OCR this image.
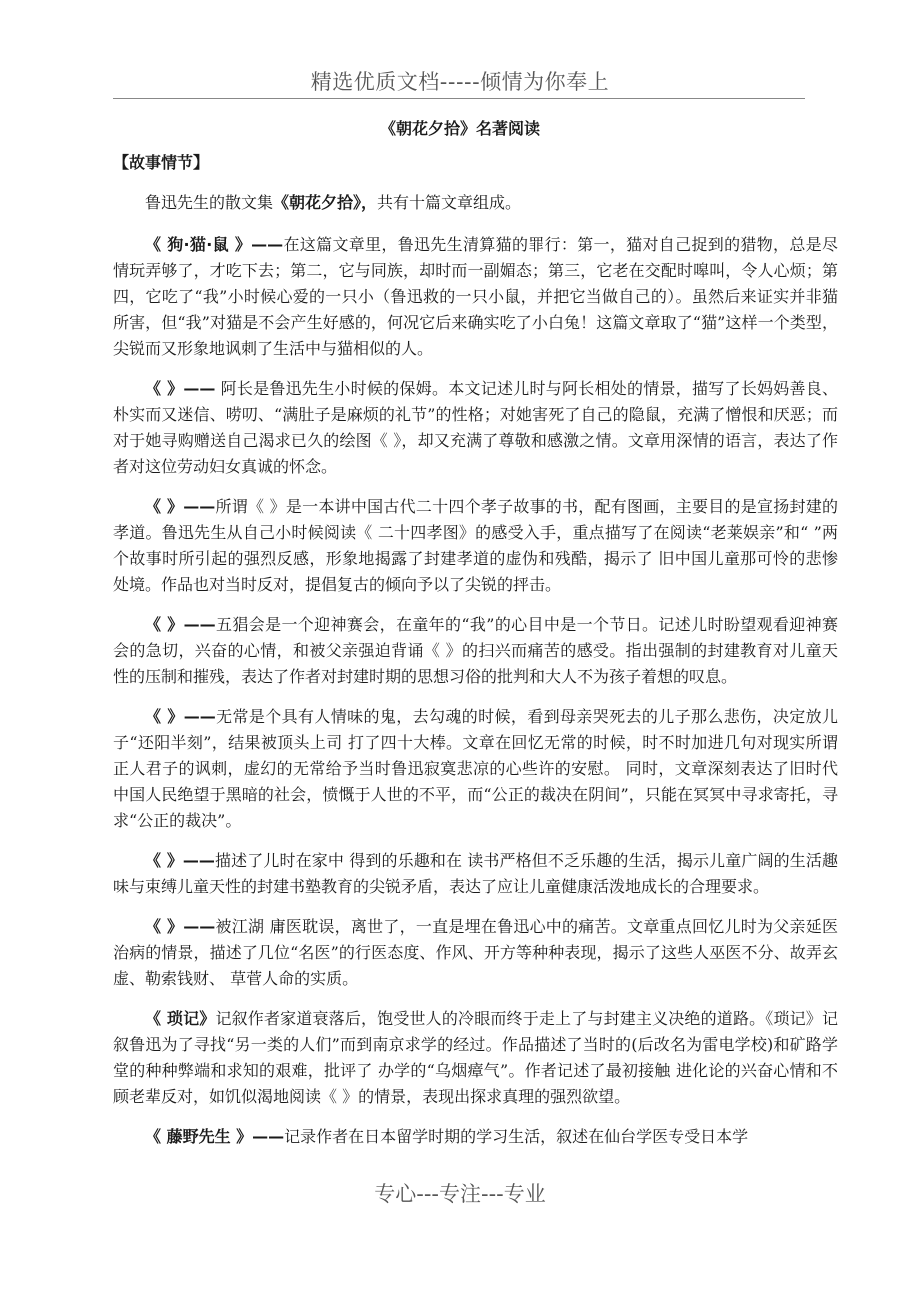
精选优质文档-----倾情为你奉上
《朝花夕拾》名著阅读
【故事情节】

鲁迅先生的散文集《朝花夕拾》，共有十篇文章组成。

《 狗·猫·鼠 》——在这篇文章里，鲁迅先生清算猫的罪行：第一，猫对自己捉到的猎物，总是尽情玩弄够了，才吃下去；第二，它与同族，却时而一副媚态；第三，它老在交配时嗥叫，令人心烦；第四，它吃了“我”小时候心爱的一只小（鲁迅救的一只小鼠，并把它当做自己的）。虽然后来证实并非猫所害，但“我”对猫是不会产生好感的，何况它后来确实吃了小白兔！这篇文章取了“猫”这样一个类型，尖锐而又形象地讽刺了生活中与猫相似的人。

《 》—— 阿长是鲁迅先生小时候的保姆。本文记述儿时与阿长相处的情景，描写了长妈妈善良、朴实而又迷信、唠叨、“满肚子是麻烦的礼节”的性格；对她害死了自己的隐鼠，充满了憎恨和厌恶；而对于她寻购赠送自己渴求已久的绘图《 》，却又充满了尊敬和感激之情。文章用深情的语言，表达了作者对这位劳动妇女真诚的怀念。

《 》——所谓《 》是一本讲中国古代二十四个孝子故事的书，配有图画，主要目的是宣扬封建的孝道。鲁迅先生从自己小时候阅读《 二十四孝图》的感受入手，重点描写了在阅读“老莱娱亲”和“ ”两个故事时所引起的强烈反感，形象地揭露了封建孝道的虚伪和残酷，揭示了 旧中国儿童那可怜的悲惨处境。作品也对当时反对，提倡复古的倾向予以了尖锐的抨击。

《 》——五猖会是一个迎神赛会，在童年的“我”的心目中是一个节日。记述儿时盼望观看迎神赛会的急切，兴奋的心情，和被父亲强迫背诵《 》的扫兴而痛苦的感受。指出强制的封建教育对儿童天性的压制和摧残，表达了作者对封建时期的思想习俗的批判和大人不为孩子着想的叹息。

《 》——无常是个具有人情味的鬼，去勾魂的时候，看到母亲哭死去的儿子那么悲伤，决定放儿子“还阳半刻”，结果被顶头上司 打了四十大棒。文章在回忆无常的时候，时不时加进几句对现实所谓正人君子的讽刺，虚幻的无常给予当时鲁迅寂寞悲凉的心些许的安慰。 同时，文章深刻表达了旧时代中国人民绝望于黑暗的社会，愤慨于人世的不平，而“公正的裁决在阴间”，只能在冥冥中寻求寄托，寻求“公正的裁决”。

《 》——描述了儿时在家中 得到的乐趣和在 读书严格但不乏乐趣的生活，揭示儿童广阔的生活趣味与束缚儿童天性的封建书塾教育的尖锐矛盾，表达了应让儿童健康活泼地成长的合理要求。

《 》——被江湖 庸医耽误，离世了，一直是埋在鲁迅心中的痛苦。文章重点回忆儿时为父亲延医治病的情景，描述了几位“名医”的行医态度、作风、开方等种种表现，揭示了这些人巫医不分、故弄玄虚、勒索钱财、 草菅人命的实质。

《 琐记》记叙作者家道衰落后，饱受世人的冷眼而终于走上了与封建主义决绝的道路。《琐记》记叙鲁迅为了寻找“另一类的人们”而到南京求学的经过。作品描述了当时的(后改名为雷电学校)和矿路学堂的种种弊端和求知的艰难，批评了 办学的“乌烟瘴气”。作者记述了最初接触 进化论的兴奋心情和不顾老辈反对，如饥似渴地阅读《 》的情景，表现出探求真理的强烈欲望。

《 藤野先生 》——记录作者在日本留学时期的学习生活，叙述在仙台学医专受日本学

专心---专注---专业
